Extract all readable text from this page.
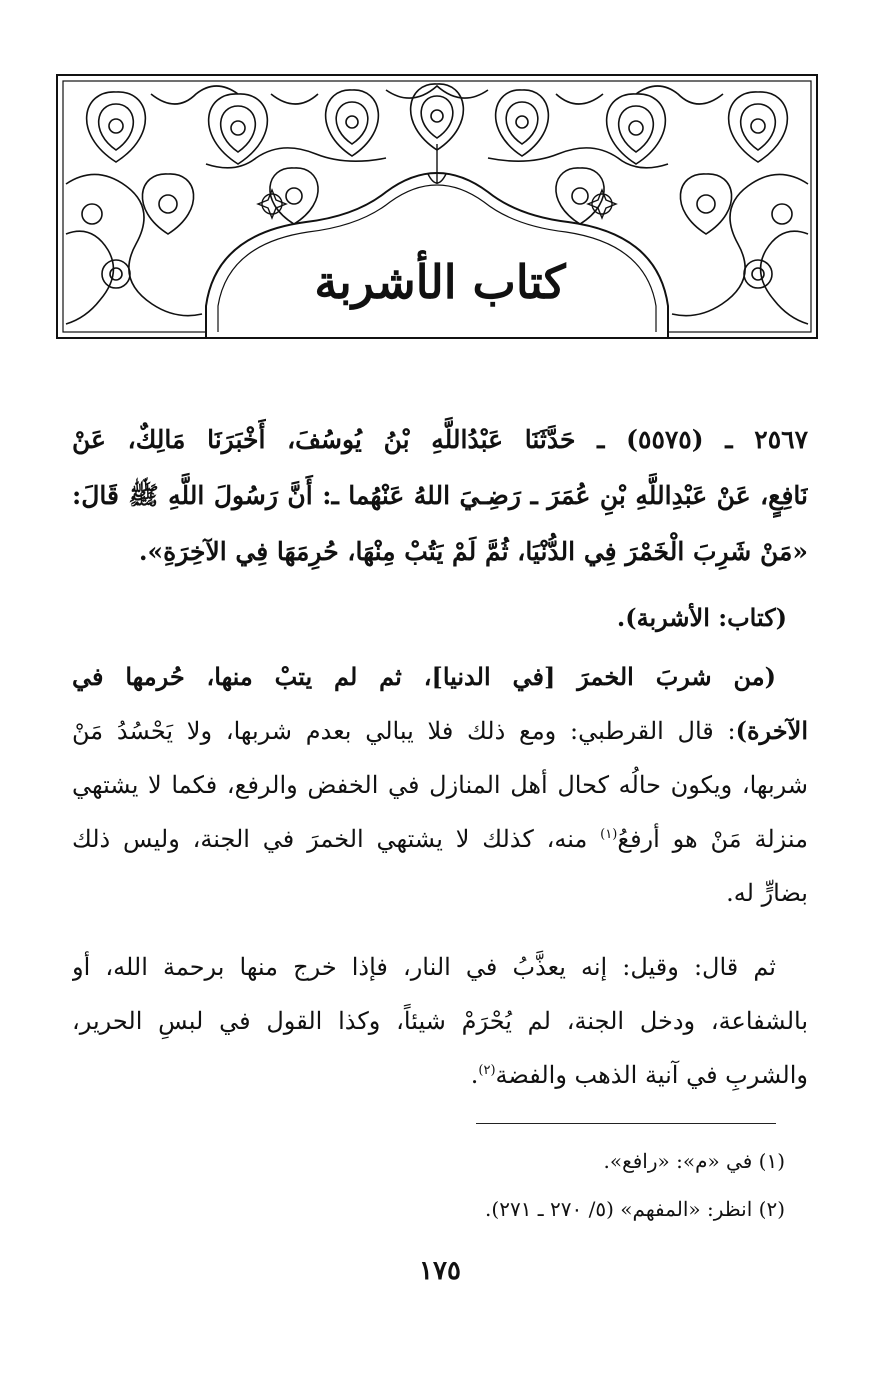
كتاب الأشربة
٢٥٦٧ ـ (٥٥٧٥) ـ حَدَّثَنَا عَبْدُاللَّهِ بْنُ يُوسُفَ، أَخْبَرَنَا مَالِكٌ، عَنْ
نَافِعٍ، عَنْ عَبْدِاللَّهِ بْنِ عُمَرَ ـ رَضِـيَ اللهُ عَنْهُما ـ: أَنَّ رَسُولَ اللَّهِ ﷺ قَالَ:
«مَنْ شَرِبَ الْخَمْرَ فِي الدُّنْيَا، ثُمَّ لَمْ يَتُبْ مِنْهَا، حُرِمَهَا فِي الآخِرَةِ».
(كتاب: الأشربة).
(من شربَ الخمرَ [في الدنيا]، ثم لم يتبْ منها، حُرمها في
الآخرة): قال القرطبي: ومع ذلك فلا يبالي بعدم شربها، ولا يَحْسُدُ مَنْ
شربها، ويكون حالُه كحال أهل المنازل في الخفض والرفع، فكما لا يشتهي
منزلة مَنْ هو أرفعُ$^{(١)}$ منه، كذلك لا يشتهي الخمرَ في الجنة، وليس ذلك
بضارٍّ له.
ثم قال: وقيل: إنه يعذَّبُ في النار، فإذا خرج منها برحمة الله، أو
بالشفاعة، ودخل الجنة، لم يُحْرَمْ شيئاً، وكذا القول في لبسِ الحرير،
والشربِ في آنية الذهب والفضة$^{(٢)}$.
(١) في «م»: «رافع».
(٢) انظر: «المفهم» (٥/ ٢٧٠ ـ ٢٧١).
١٧٥
